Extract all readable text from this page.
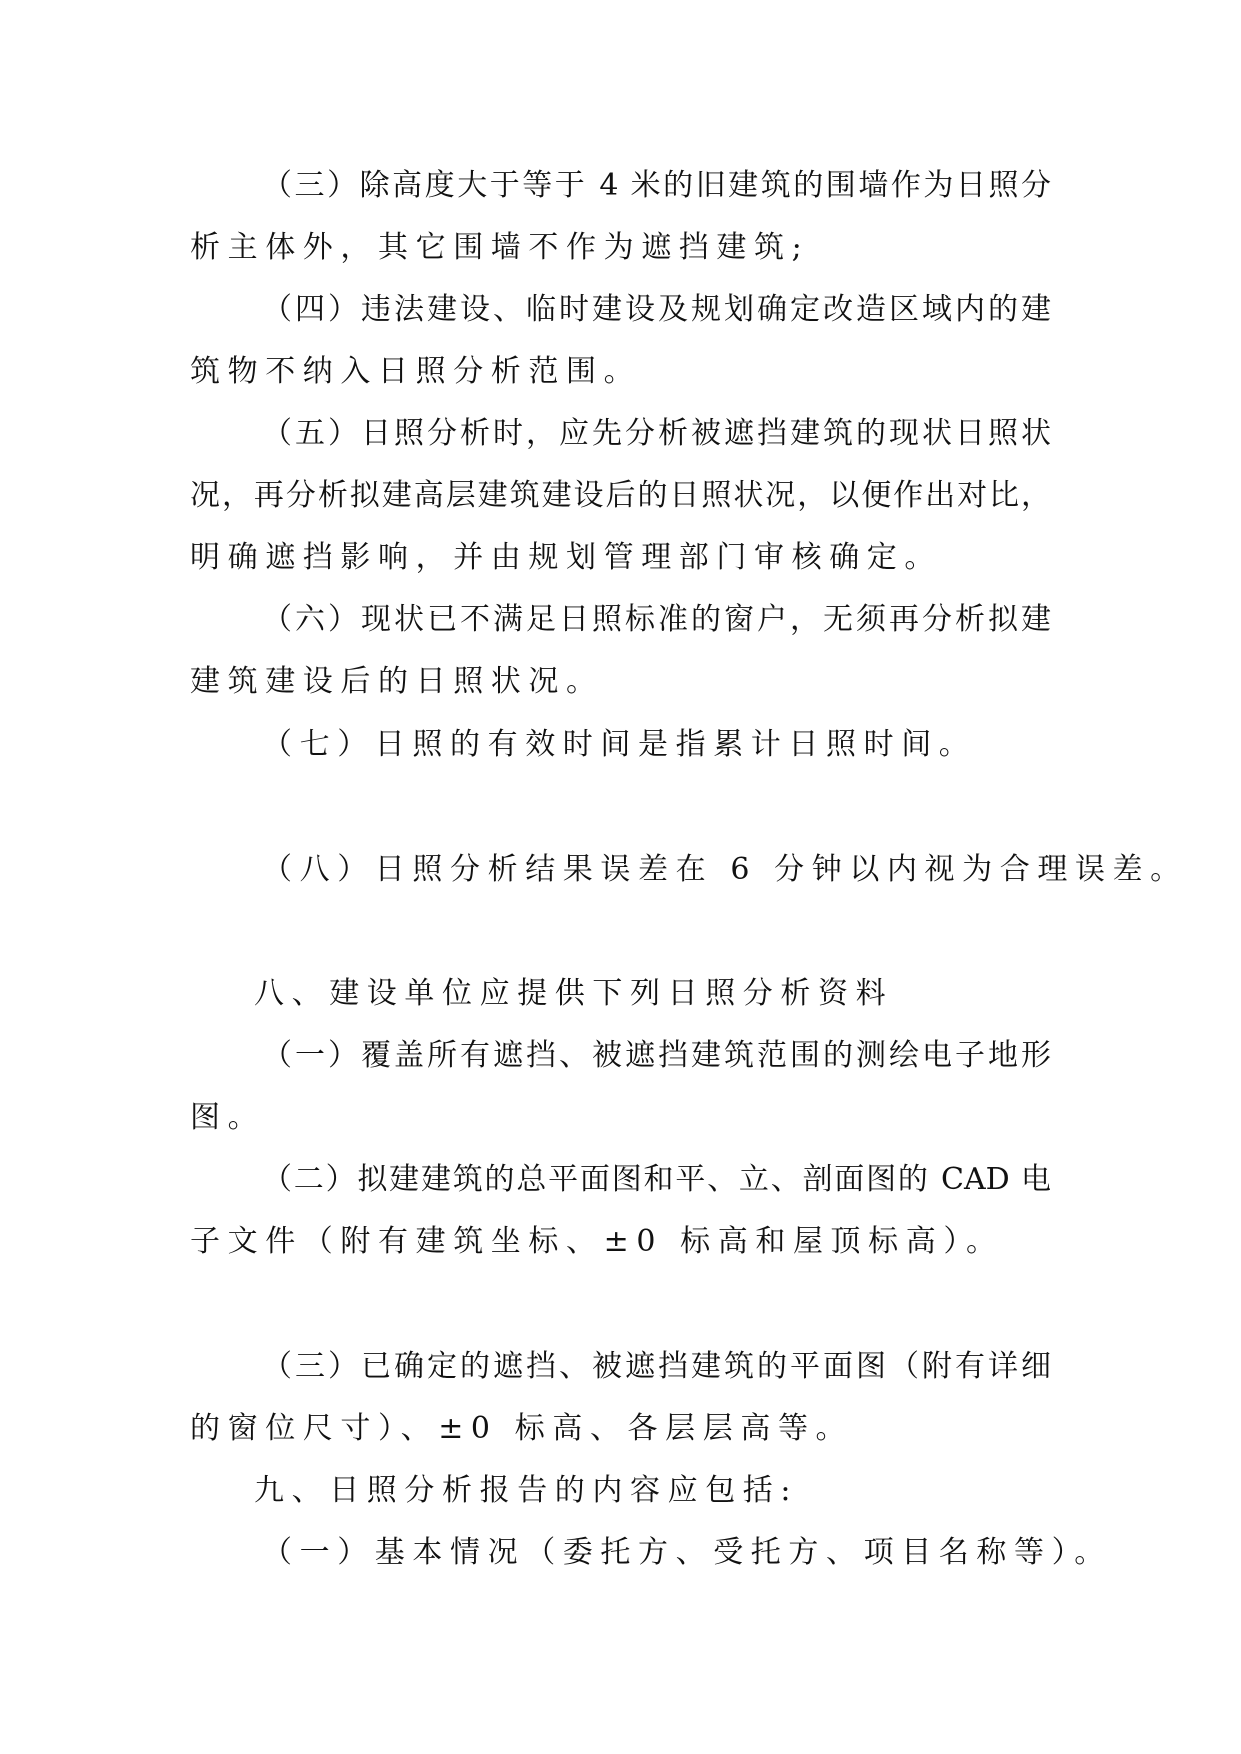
（三）除高度大于等于 4 米的旧建筑的围墙作为日照分
析主体外，其它围墙不作为遮挡建筑;
（四）违法建设、临时建设及规划确定改造区域内的建
筑物不纳入日照分析范围。
（五）日照分析时，应先分析被遮挡建筑的现状日照状
况，再分析拟建高层建筑建设后的日照状况，以便作出对比，
明确遮挡影响，并由规划管理部门审核确定。
（六）现状已不满足日照标准的窗户，无须再分析拟建
建筑建设后的日照状况。
（七）日照的有效时间是指累计日照时间。
（八）日照分析结果误差在 6 分钟以内视为合理误差。
八、建设单位应提供下列日照分析资料
（一）覆盖所有遮挡、被遮挡建筑范围的测绘电子地形
图。
（二）拟建建筑的总平面图和平、立、剖面图的 CAD 电
子文件（附有建筑坐标、±0 标高和屋顶标高）。
（三）已确定的遮挡、被遮挡建筑的平面图（附有详细
的窗位尺寸）、±0 标高、各层层高等。
九、日照分析报告的内容应包括:
（一）基本情况（委托方、受托方、项目名称等）。
